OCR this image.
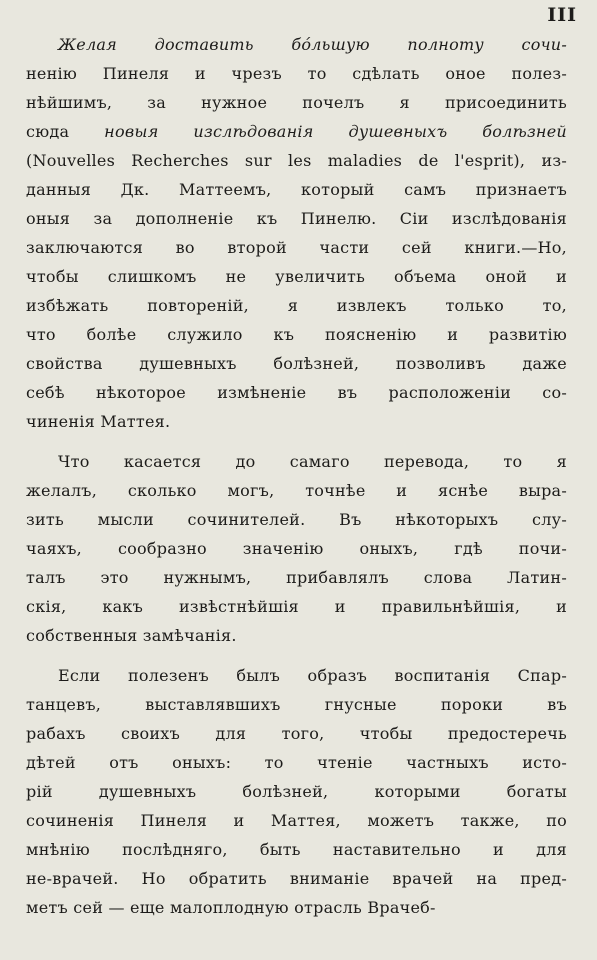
III
Желая доставить бо́льшую полноту сочи-
ненію Пинеля и чрезъ то сдѣлать оное полез-
нѣйшимъ, за нужное почелъ я присоединить
сюда новыя изслѣдованія душевныхъ болѣзней
(Nouvelles Recherches sur les maladies de l'esprit), из-
данныя Дк. Маттеемъ, который самъ признаетъ
оныя за дополненіе къ Пинелю. Сіи изслѣдованія
заключаются во второй части сей книги.—Но,
чтобы слишкомъ не увеличить объема оной и
избѣжать повтореній, я извлекъ только то,
что болѣе служило къ поясненію и развитію
свойства душевныхъ болѣзней, позволивъ даже
себѣ нѣкоторое измѣненіе въ расположеніи со-
чиненія Маттея.
Что касается до самаго перевода, то я
желалъ, сколько могъ, точнѣе и яснѣе выра-
зить мысли сочинителей. Въ нѣкоторыхъ слу-
чаяхъ, сообразно значенію оныхъ, гдѣ почи-
талъ это нужнымъ, прибавлялъ слова Латин-
скія, какъ извѣстнѣйшія и правильнѣйшія, и
собственныя замѣчанія.
Если полезенъ былъ образъ воспитанія Спар-
танцевъ, выставлявшихъ гнусные пороки въ
рабахъ своихъ для того, чтобы предостеречь
дѣтей отъ оныхъ: то чтеніе частныхъ исто-
рій душевныхъ болѣзней, которыми богаты
сочиненія Пинеля и Маттея, можетъ также, по
мнѣнію послѣдняго, быть наставительно и для
не-врачей. Но обратить вниманіе врачей на пред-
метъ сей — еще малоплодную отрасль Врачеб-
